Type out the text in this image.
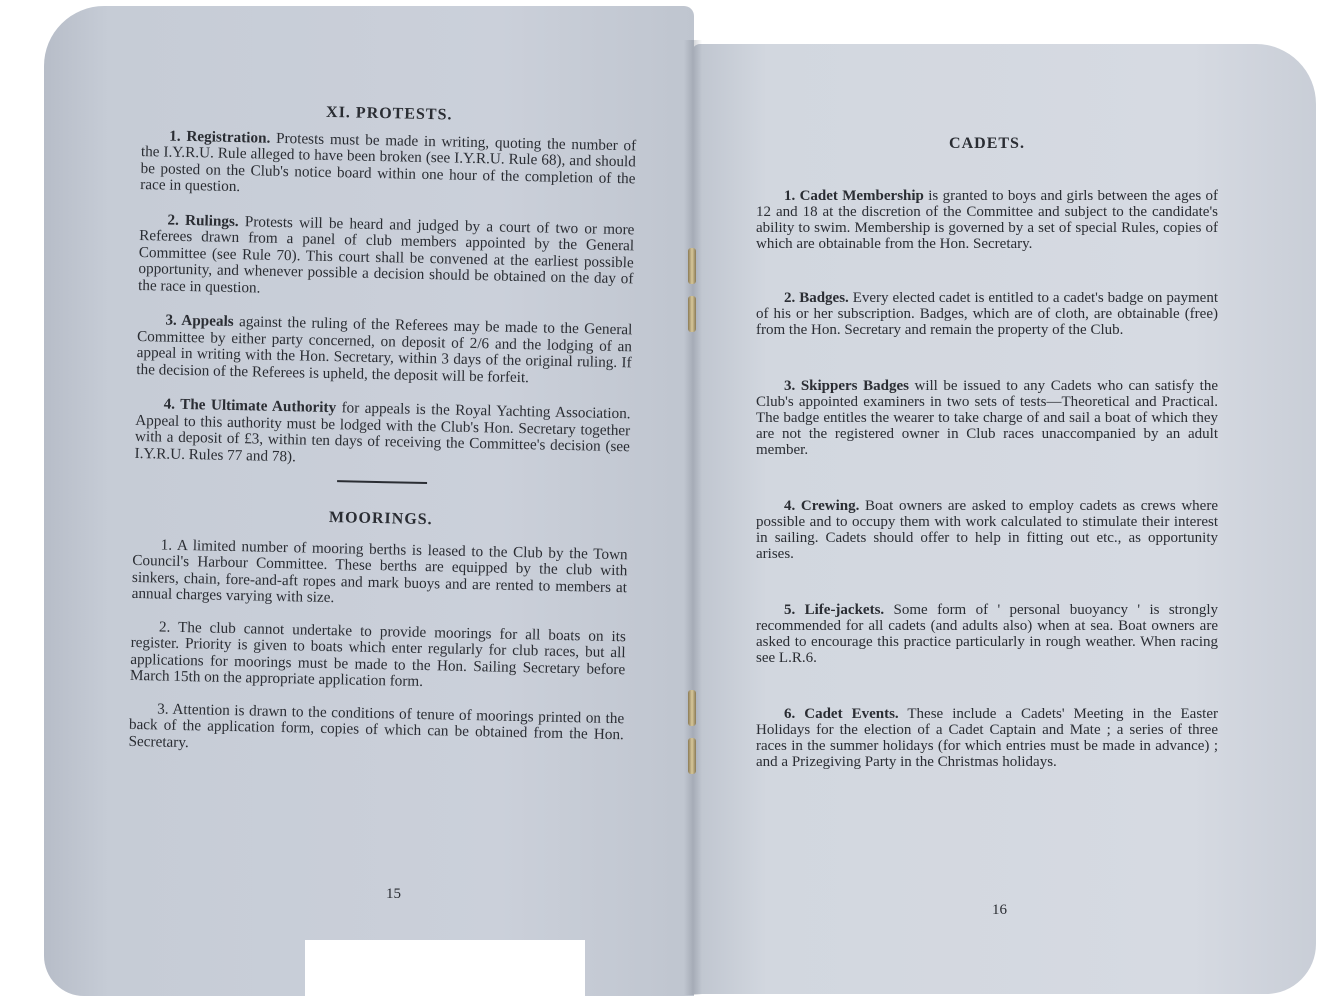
XI. PROTESTS.

1. Registration. Protests must be made in writing, quoting the number of the I.Y.R.U. Rule alleged to have been broken (see I.Y.R.U. Rule 68), and should be posted on the Club's notice board within one hour of the completion of the race in question.

2. Rulings. Protests will be heard and judged by a court of two or more Referees drawn from a panel of club members appointed by the General Committee (see Rule 70). This court shall be convened at the earliest possible opportunity, and whenever possible a decision should be obtained on the day of the race in question.

3. Appeals against the ruling of the Referees may be made to the General Committee by either party concerned, on deposit of 2/6 and the lodging of an appeal in writing with the Hon. Secretary, within 3 days of the original ruling. If the decision of the Referees is upheld, the deposit will be forfeit.

4. The Ultimate Authority for appeals is the Royal Yachting Association. Appeal to this authority must be lodged with the Club's Hon. Secretary together with a deposit of £3, within ten days of receiving the Committee's decision (see I.Y.R.U. Rules 77 and 78).

MOORINGS.

1. A limited number of mooring berths is leased to the Club by the Town Council's Harbour Committee. These berths are equipped by the club with sinkers, chain, fore-and-aft ropes and mark buoys and are rented to members at annual charges varying with size.

2. The club cannot undertake to provide moorings for all boats on its register. Priority is given to boats which enter regularly for club races, but all applications for moorings must be made to the Hon. Sailing Secretary before March 15th on the appropriate application form.

3. Attention is drawn to the conditions of tenure of moorings printed on the back of the application form, copies of which can be obtained from the Hon. Secretary.

15
CADETS.

1. Cadet Membership is granted to boys and girls between the ages of 12 and 18 at the discretion of the Committee and subject to the candidate's ability to swim. Membership is governed by a set of special Rules, copies of which are obtainable from the Hon. Secretary.

2. Badges. Every elected cadet is entitled to a cadet's badge on payment of his or her subscription. Badges, which are of cloth, are obtainable (free) from the Hon. Secretary and remain the property of the Club.

3. Skippers Badges will be issued to any Cadets who can satisfy the Club's appointed examiners in two sets of tests—Theoretical and Practical. The badge entitles the wearer to take charge of and sail a boat of which they are not the registered owner in Club races unaccompanied by an adult member.

4. Crewing. Boat owners are asked to employ cadets as crews where possible and to occupy them with work calculated to stimulate their interest in sailing. Cadets should offer to help in fitting out etc., as opportunity arises.

5. Life-jackets. Some form of ' personal buoyancy ' is strongly recommended for all cadets (and adults also) when at sea. Boat owners are asked to encourage this practice particularly in rough weather. When racing see L.R.6.

6. Cadet Events. These include a Cadets' Meeting in the Easter Holidays for the election of a Cadet Captain and Mate ; a series of three races in the summer holidays (for which entries must be made in advance) ; and a Prizegiving Party in the Christmas holidays.

16
